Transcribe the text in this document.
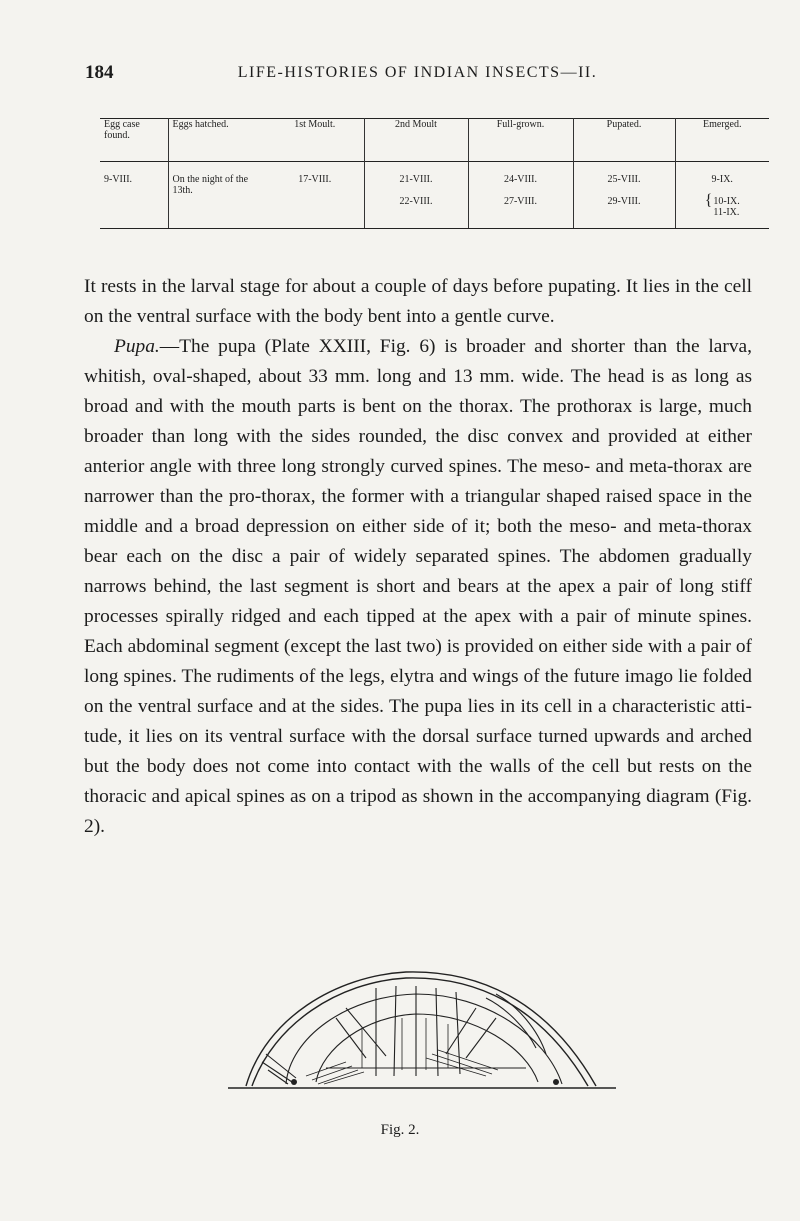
184	LIFE-HISTORIES OF INDIAN INSECTS—II.
Egg case found.	Eggs hatched.	1st Moult.	2nd Moult	Full-grown.	Pupated.	Emerged.
9-VIII.	On the night of the 13th.	17-VIII.	21-VIII.	24-VIII.	25-VIII.	9-IX.
			22-VIII.	27-VIII.	29-VIII.	{10-IX.
11-IX.

It rests in the larval stage for about a couple of days before pupating. It lies in the cell on the ventral surface with the body bent into a gentle curve.

Pupa.—The pupa (Plate XXIII, Fig. 6) is broader and shorter than the larva, whitish, oval-shaped, about 33 mm. long and 13 mm. wide. The head is as long as broad and with the mouth parts is bent on the thorax. The prothorax is large, much broader than long with the sides rounded, the disc convex and provided at either anterior angle with three long strongly curved spines. The meso- and meta-thorax are narrower than the pro-thorax, the former with a triangular shaped raised space in the middle and a broad depression on either side of it; both the meso- and meta-thorax bear each on the disc a pair of widely separated spines. The abdomen gradually narrows behind, the last segment is short and bears at the apex a pair of long stiff processes spirally ridged and each tipped at the apex with a pair of minute spines. Each abdominal segment (except the last two) is provided on either side with a pair of long spines. The rudiments of the legs, elytra and wings of the future imago lie folded on the ventral surface and at the sides. The pupa lies in its cell in a characteristic atti-tude, it lies on its ventral surface with the dorsal surface turned upwards and arched but the body does not come into contact with the walls of the cell but rests on the thoracic and apical spines as on a tripod as shown in the accompanying diagram (Fig. 2).

Fig. 2.
